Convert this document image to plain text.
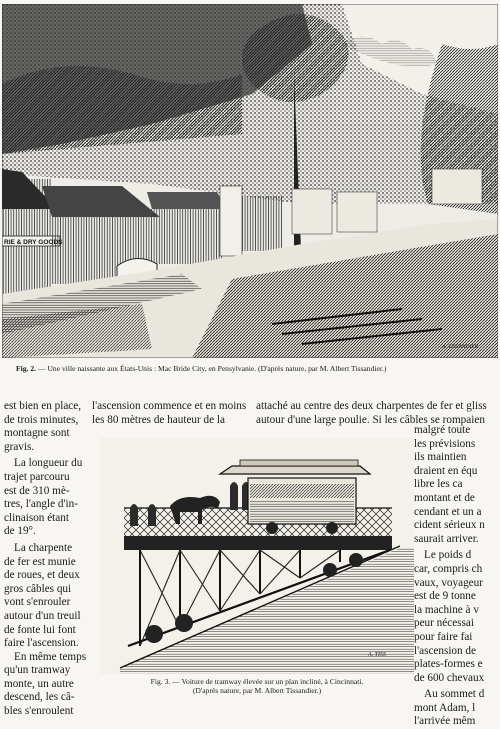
RIE & DRY GOODS
A. TISSANDIER
Fig. 2. — Une ville naissante aux États-Unis : Mac Bride City, en Pensylvanie. (D'après nature, par M. Albert Tissandier.)

est bien en place,

de trois minutes,

montagne sont

gravis.

La longueur du

trajet parcouru

est de 310 mè-

tres, l'angle d'in-

clinaison étant

de 19°.

La charpente

de fer est munie

de roues, et deux

gros câbles qui

vont s'enrouler

autour d'un treuil

de fonte lui font

faire l'ascension.

En même temps

qu'un tramway

monte, un autre

descend, les câ-

bles s'enroulent

l'ascension commence et en moins

les 80 mètres de hauteur de la

attaché au centre des deux charpentes de fer et gliss

autour d'une large poulie. Si les câbles se rompaien

malgré toute

les prévisions

ils maintien

draient en équ

libre les ca

montant et de

cendant et un a

cident sérieux n

saurait arriver.

Le poids d

car, compris ch

vaux, voyageur

est de 9 tonne

la machine à v

peur nécessai

pour faire fai

l'ascension de

plates-formes e

de 600 chevaux

Au sommet d

mont Adam, l

l'arrivée mêm

A. TISS
Fig. 3. — Voiture de tramway élevée sur un plan incliné, à Cincinnati.
(D'après nature, par M. Albert Tissandier.)
